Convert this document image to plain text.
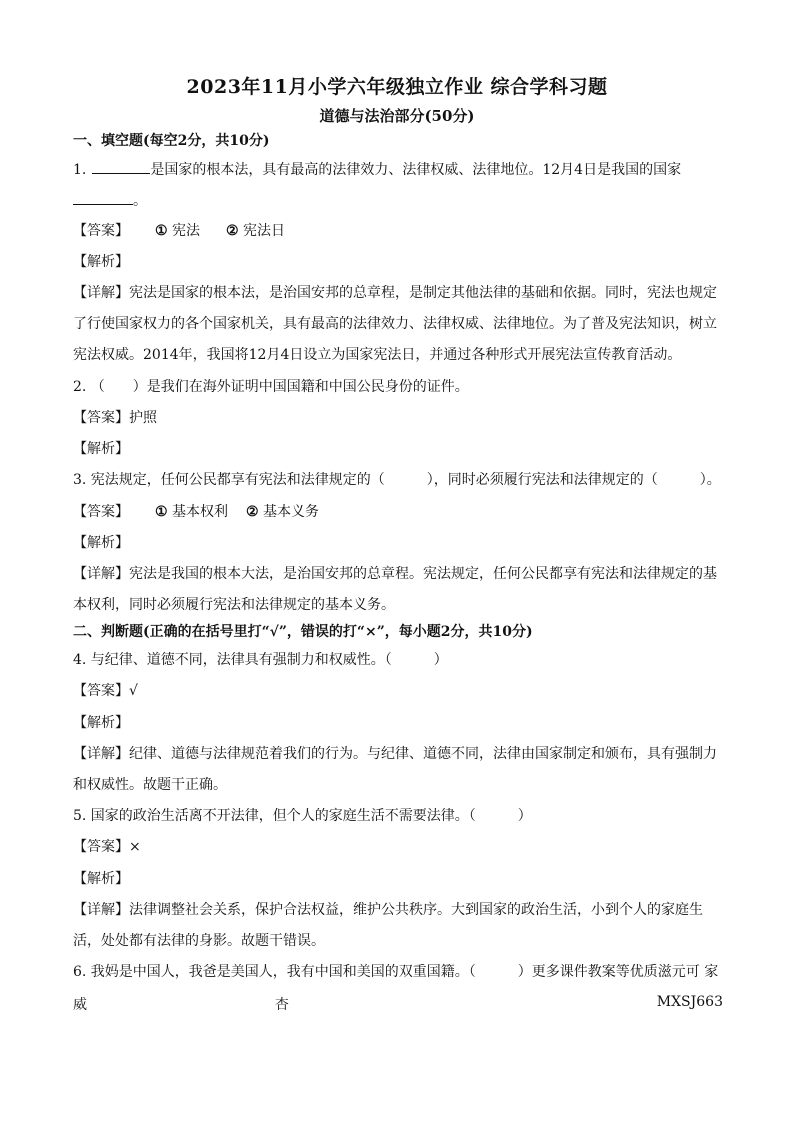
2023年11月小学六年级独立作业 综合学科习题
道德与法治部分(50分)
一、填空题(每空2分，共10分)
1.	是国家的根本法，具有最高的法律效力、法律权威、法律地位。12月4日是我国的国家
。
【答案】 ① 宪法 ② 宪法日
【解析】
【详解】宪法是国家的根本法，是治国安邦的总章程，是制定其他法律的基础和依据。同时，宪法也规定
了行使国家权力的各个国家机关，具有最高的法律效力、法律权威、法律地位。为了普及宪法知识，树立
宪法权威。2014年，我国将12月4日设立为国家宪法日，并通过各种形式开展宪法宣传教育活动。
2. （　　）是我们在海外证明中国国籍和中国公民身份的证件。
【答案】护照
【解析】
3. 宪法规定，任何公民都享有宪法和法律规定的（　　　），同时必须履行宪法和法律规定的（　　　）。
【答案】 ① 基本权利 ② 基本义务
【解析】
【详解】宪法是我国的根本大法，是治国安邦的总章程。宪法规定，任何公民都享有宪法和法律规定的基
本权利，同时必须履行宪法和法律规定的基本义务。
二、判断题(正确的在括号里打“√”，错误的打“×”，每小题2分，共10分)
4. 与纪律、道德不同，法律具有强制力和权威性。（　　　）
【答案】√
【解析】
【详解】纪律、道德与法律规范着我们的行为。与纪律、道德不同，法律由国家制定和颁布，具有强制力
和权威性。故题干正确。
5. 国家的政治生活离不开法律，但个人的家庭生活不需要法律。（　　　）
【答案】×
【解析】
【详解】法律调整社会关系，保护合法权益，维护公共秩序。大到国家的政治生活，小到个人的家庭生
活，处处都有法律的身影。故题干错误。
6. 我妈是中国人，我爸是美国人，我有中国和美国的双重国籍。（　　　）更多课件教案等优质滋元可 家
威	杏	MXSJ663
